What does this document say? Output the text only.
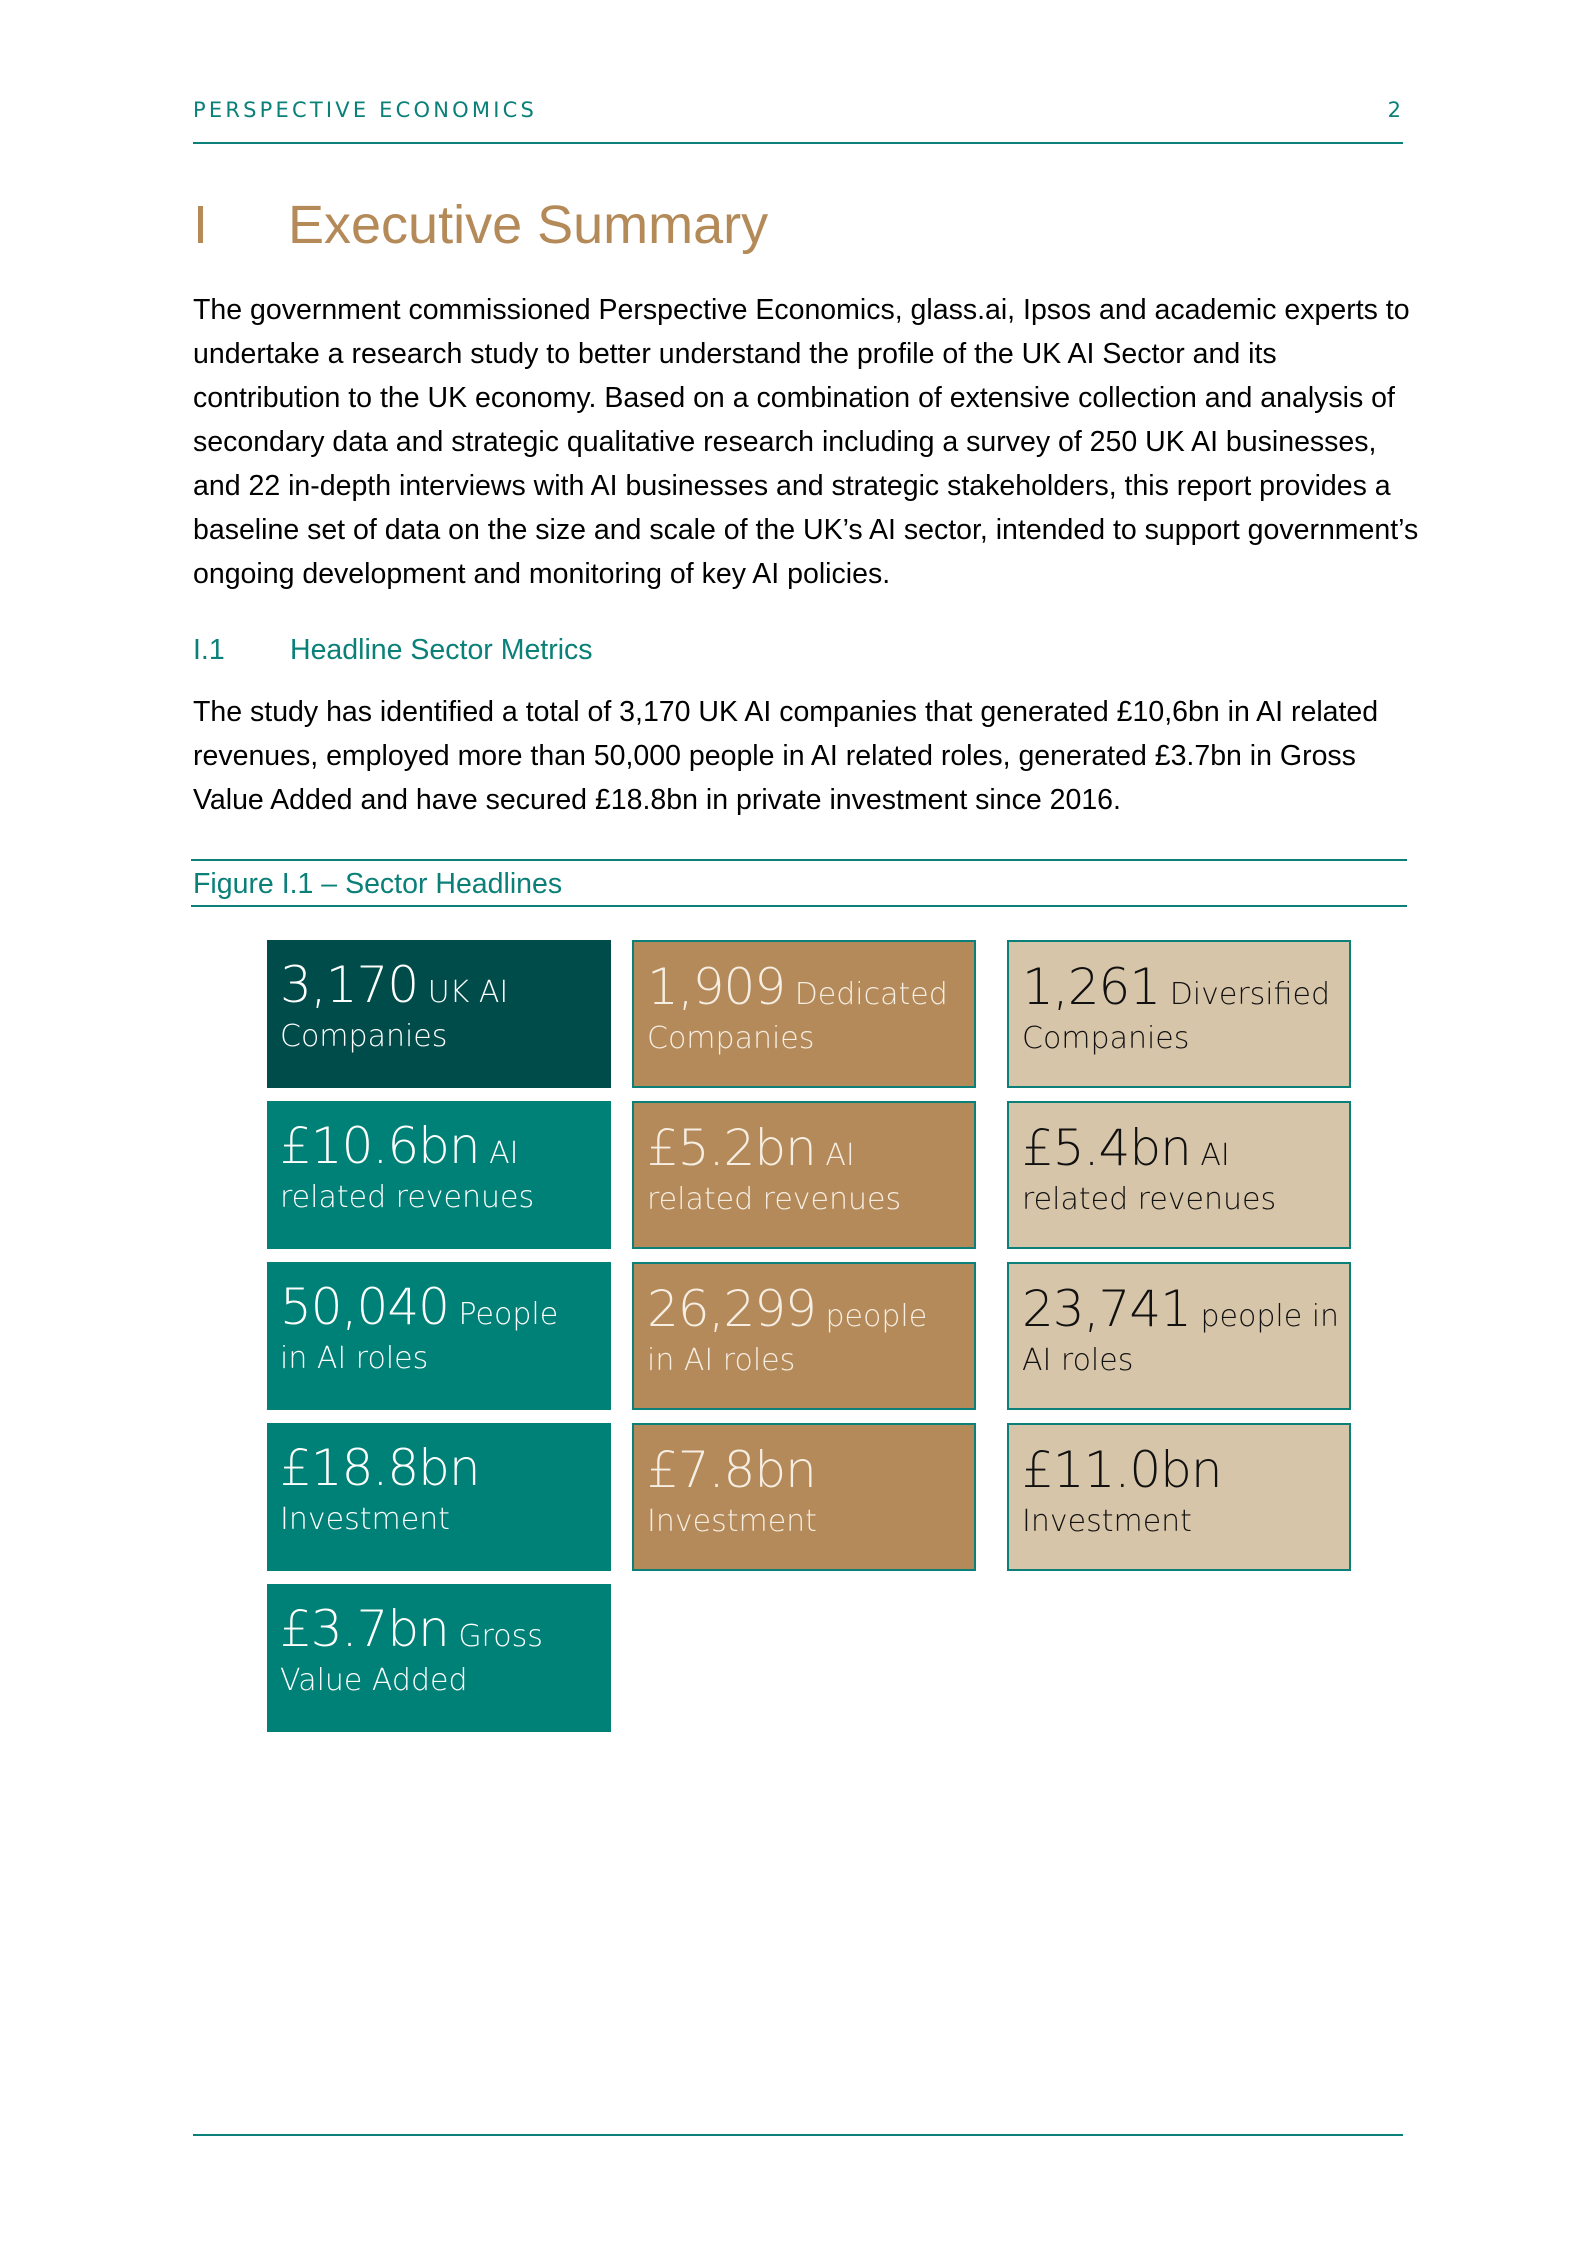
PERSPECTIVE ECONOMICS	2
I Executive Summary
The government commissioned Perspective Economics, glass.ai, Ipsos and academic experts to undertake a research study to better understand the profile of the UK AI Sector and its contribution to the UK economy. Based on a combination of extensive collection and analysis of secondary data and strategic qualitative research including a survey of 250 UK AI businesses, and 22 in-depth interviews with AI businesses and strategic stakeholders, this report provides a baseline set of data on the size and scale of the UK’s AI sector, intended to support government’s ongoing development and monitoring of key AI policies.
I.1 Headline Sector Metrics
The study has identified a total of 3,170 UK AI companies that generated £10,6bn in AI related revenues, employed more than 50,000 people in AI related roles, generated £3.7bn in Gross Value Added and have secured £18.8bn in private investment since 2016.
Figure I.1 – Sector Headlines
3,170 UK AI
Companies
1,909 Dedicated
Companies
1,261 Diversified
Companies
£10.6bn AI
related revenues
£5.2bn AI
related revenues
£5.4bn AI
related revenues
50,040 People
in AI roles
26,299 people
in AI roles
23,741 people in
AI roles
£18.8bn
Investment
£7.8bn
Investment
£11.0bn
Investment
£3.7bn Gross
Value Added
